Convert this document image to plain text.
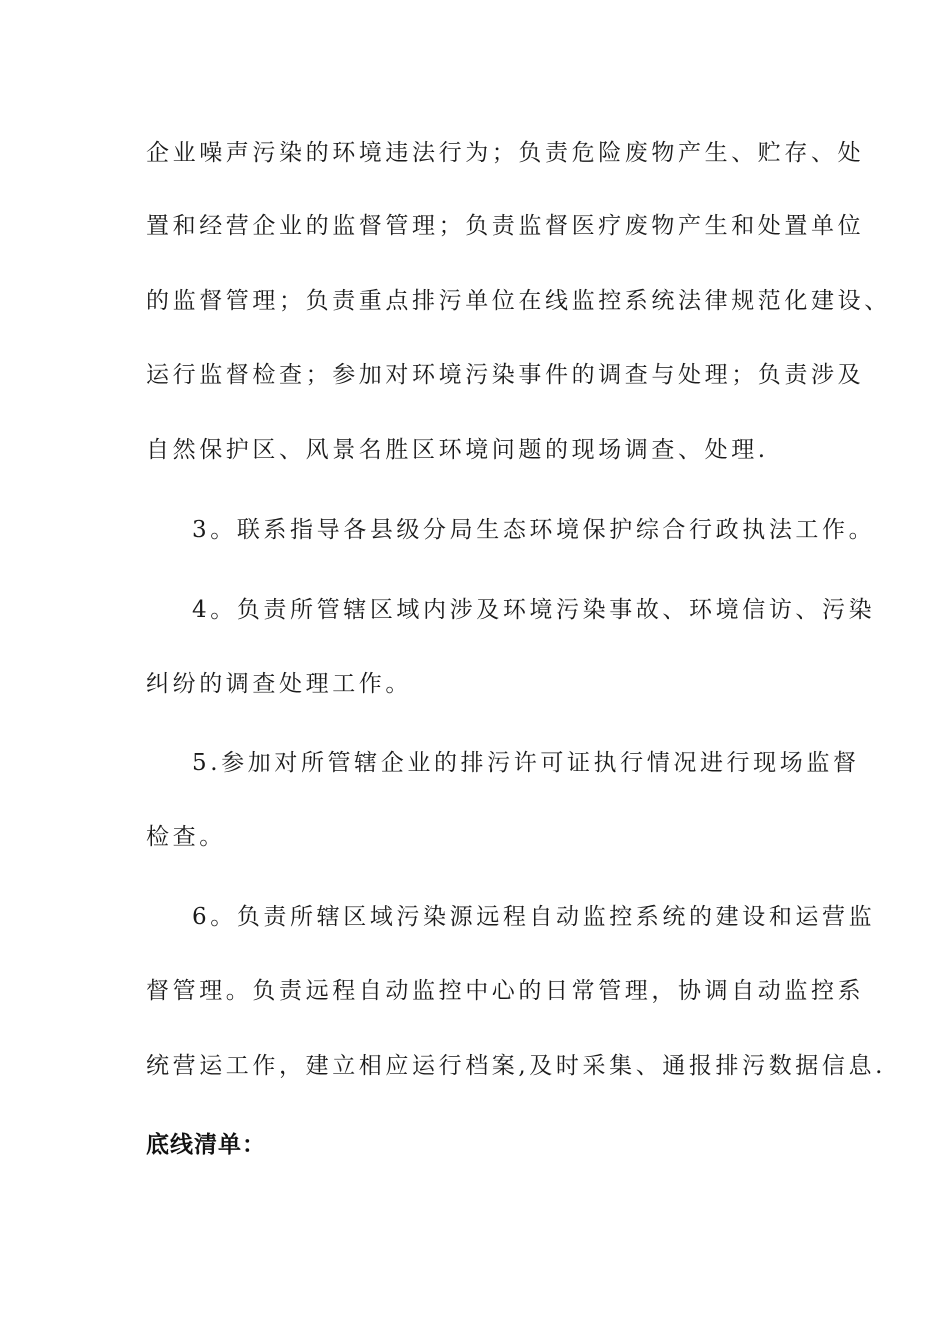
企业噪声污染的环境违法行为；负责危险废物产生、贮存、处
置和经营企业的监督管理；负责监督医疗废物产生和处置单位
的监督管理；负责重点排污单位在线监控系统法律规范化建设、
运行监督检查；参加对环境污染事件的调查与处理；负责涉及
自然保护区、风景名胜区环境问题的现场调查、处理.
3。联系指导各县级分局生态环境保护综合行政执法工作。
4。负责所管辖区域内涉及环境污染事故、环境信访、污染
纠纷的调查处理工作。
5.参加对所管辖企业的排污许可证执行情况进行现场监督
检查。
6。负责所辖区域污染源远程自动监控系统的建设和运营监
督管理。负责远程自动监控中心的日常管理，协调自动监控系
统营运工作，建立相应运行档案,及时采集、通报排污数据信息.
底线清单：
